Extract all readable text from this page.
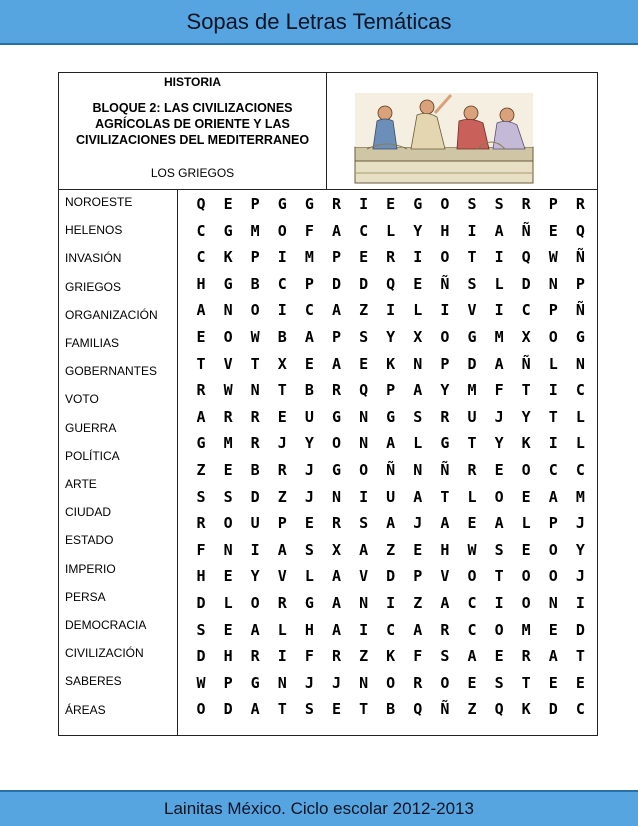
Sopas de Letras Temáticas
HISTORIA
BLOQUE 2: LAS CIVILIZACIONES AGRÍCOLAS DE ORIENTE Y LAS CIVILIZACIONES DEL MEDITERRANEO
LOS GRIEGOS
NOROESTE
HELENOS
INVASIÓN
GRIEGOS
ORGANIZACIÓN
FAMILIAS
GOBERNANTES
VOTO
GUERRA
POLÍTICA
ARTE
CIUDAD
ESTADO
IMPERIO
PERSA
DEMOCRACIA
CIVILIZACIÓN
SABERES
ÁREAS
Q	E	P	G	G	R	I	E	G	O	S	S	R	P	R
C	G	M	O	F	A	C	L	Y	H	I	A	Ñ	E	Q
C	K	P	I	M	P	E	R	I	O	T	I	Q	W	Ñ
H	G	B	C	P	D	D	Q	E	Ñ	S	L	D	N	P
A	N	O	I	C	A	Z	I	L	I	V	I	C	P	Ñ
E	O	W	B	A	P	S	Y	X	O	G	M	X	O	G
T	V	T	X	E	A	E	K	N	P	D	A	Ñ	L	N
R	W	N	T	B	R	Q	P	A	Y	M	F	T	I	C
A	R	R	E	U	G	N	G	S	R	U	J	Y	T	L
G	M	R	J	Y	O	N	A	L	G	T	Y	K	I	L
Z	E	B	R	J	G	O	Ñ	N	Ñ	R	E	O	C	C
S	S	D	Z	J	N	I	U	A	T	L	O	E	A	M
R	O	U	P	E	R	S	A	J	A	E	A	L	P	J
F	N	I	A	S	X	A	Z	E	H	W	S	E	O	Y
H	E	Y	V	L	A	V	D	P	V	O	T	O	O	J
D	L	O	R	G	A	N	I	Z	A	C	I	O	N	I
S	E	A	L	H	A	I	C	A	R	C	O	M	E	D
D	H	R	I	F	R	Z	K	F	S	A	E	R	A	T
W	P	G	N	J	J	N	O	R	O	E	S	T	E	E
O	D	A	T	S	E	T	B	Q	Ñ	Z	Q	K	D	C
Lainitas México. Ciclo escolar 2012-2013
